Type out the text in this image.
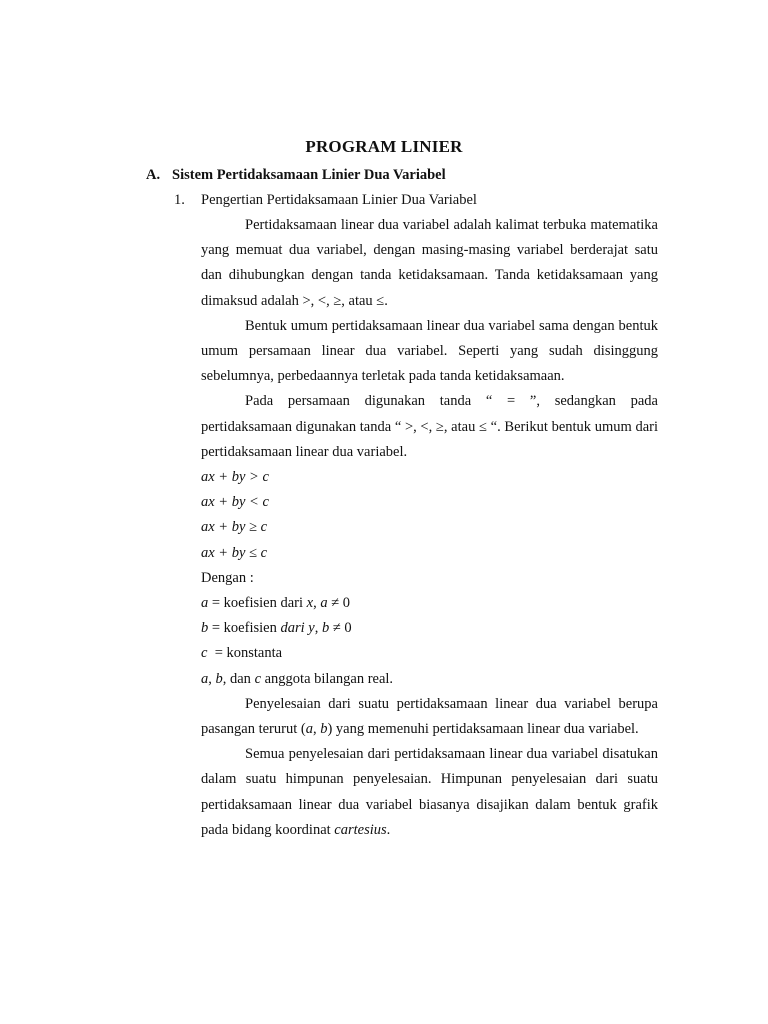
PROGRAM LINIER
A. Sistem Pertidaksamaan Linier Dua Variabel
1. Pengertian Pertidaksamaan Linier Dua Variabel

Pertidaksamaan linear dua variabel adalah kalimat terbuka matematika yang memuat dua variabel, dengan masing-masing variabel berderajat satu dan dihubungkan dengan tanda ketidaksamaan. Tanda ketidaksamaan yang dimaksud adalah >, <, ≥, atau ≤.

Bentuk umum pertidaksamaan linear dua variabel sama dengan bentuk umum persamaan linear dua variabel. Seperti yang sudah disinggung sebelumnya, perbedaannya terletak pada tanda ketidaksamaan.

Pada persamaan digunakan tanda “ = ”, sedangkan pada pertidaksamaan digunakan tanda “ >, <, ≥, atau ≤ “. Berikut bentuk umum dari pertidaksamaan linear dua variabel.

ax + by > c
ax + by < c
ax + by ≥ c
ax + by ≤ c
Dengan :
a = koefisien dari x, a ≠ 0
b = koefisien dari y, b ≠ 0
c  = konstanta
a, b, dan c anggota bilangan real.

Penyelesaian dari suatu pertidaksamaan linear dua variabel berupa pasangan terurut (a, b) yang memenuhi pertidaksamaan linear dua variabel.

Semua penyelesaian dari pertidaksamaan linear dua variabel disatukan dalam suatu himpunan penyelesaian. Himpunan penyelesaian dari suatu pertidaksamaan linear dua variabel biasanya disajikan dalam bentuk grafik pada bidang koordinat cartesius.
